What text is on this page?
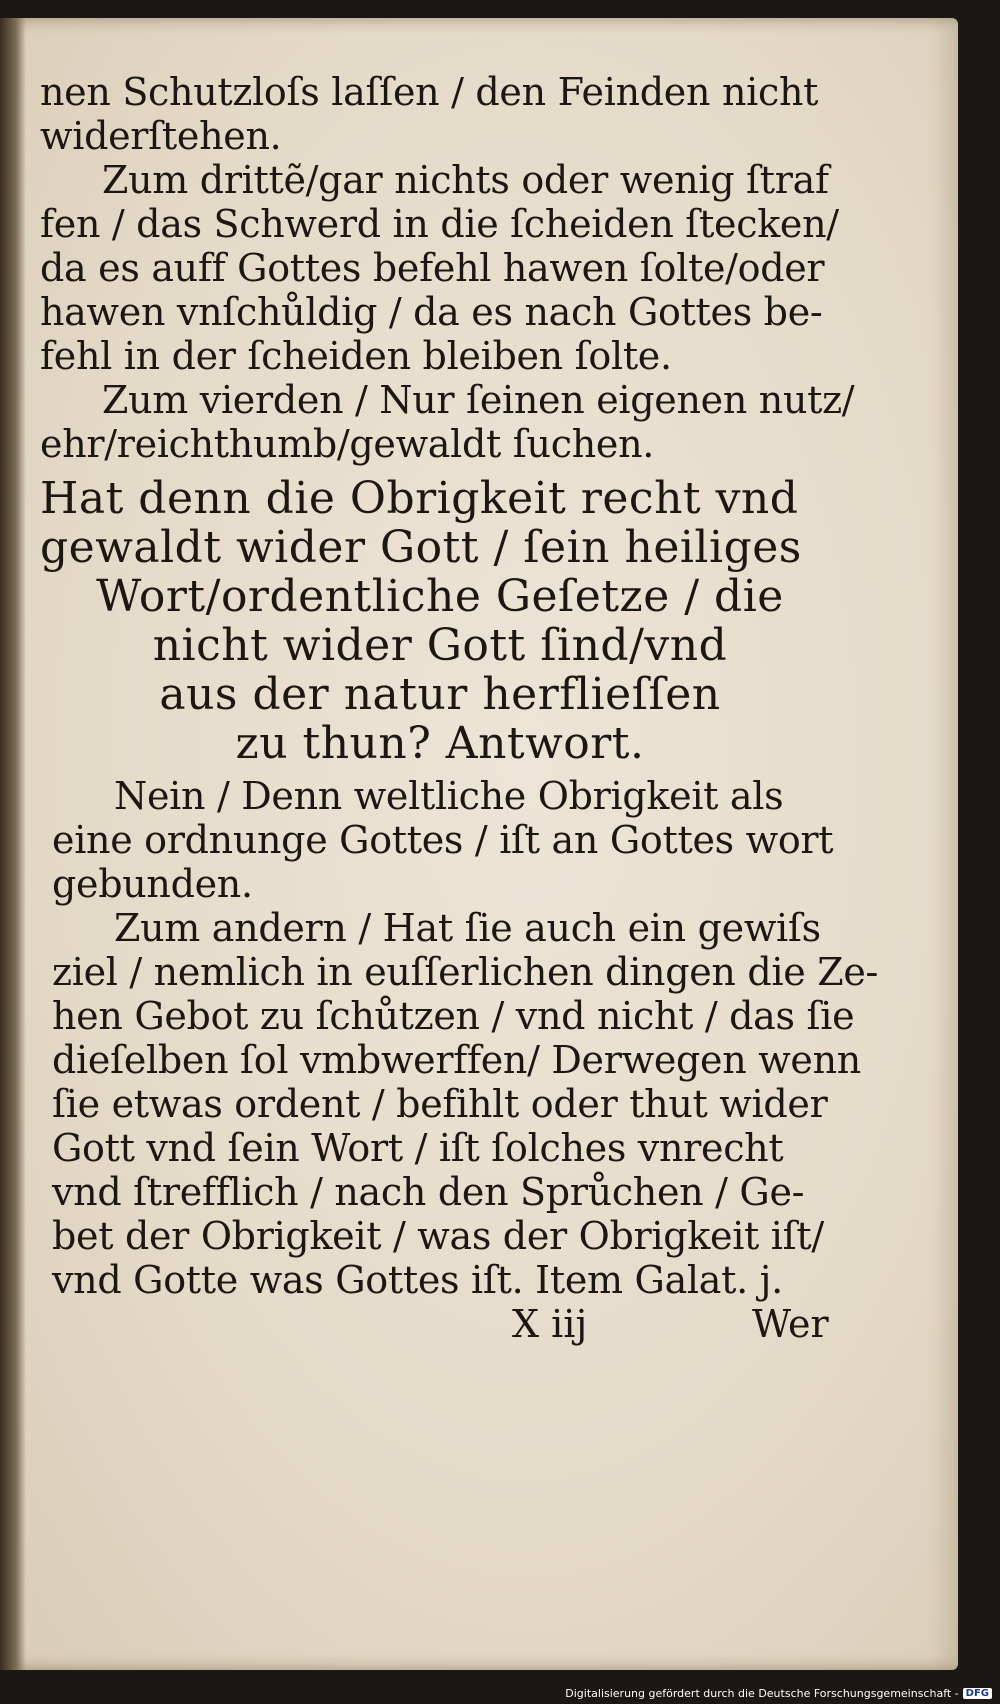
nen Schutzloſs laſſen / den Feinden nicht
widerſtehen.
Zum drittẽ/gar nichts oder wenig ſtraf
fen / das Schwerd in die ſcheiden ſtecken/
da es auff Gottes befehl hawen ſolte/oder
hawen vnſchůldig / da es nach Gottes be-
fehl in der ſcheiden bleiben ſolte.
Zum vierden / Nur ſeinen eigenen nutz/
ehr/reichthumb/gewaldt ſuchen.
Hat denn die Obrigkeit recht vnd
gewaldt wider Gott / ſein heiliges
Wort/ordentliche Geſetze / die
nicht wider Gott ſind/vnd
aus der natur herflieſſen
zu thun? Antwort.
Nein / Denn weltliche Obrigkeit als
eine ordnunge Gottes / iſt an Gottes wort
gebunden.
Zum andern / Hat ſie auch ein gewiſs
ziel / nemlich in euſſerlichen dingen die Ze-
hen Gebot zu ſchůtzen / vnd nicht / das ſie
dieſelben ſol vmbwerffen/ Derwegen wenn
ſie etwas ordent / befihlt oder thut wider
Gott vnd ſein Wort / iſt ſolches vnrecht
vnd ſtrefflich / nach den Sprůchen / Ge-
bet der Obrigkeit / was der Obrigkeit iſt/
vnd Gotte was Gottes iſt. Item Galat. j.
X iij	Wer
Digitalisierung gefördert durch die Deutsche Forschungsgemeinschaft - DFG
